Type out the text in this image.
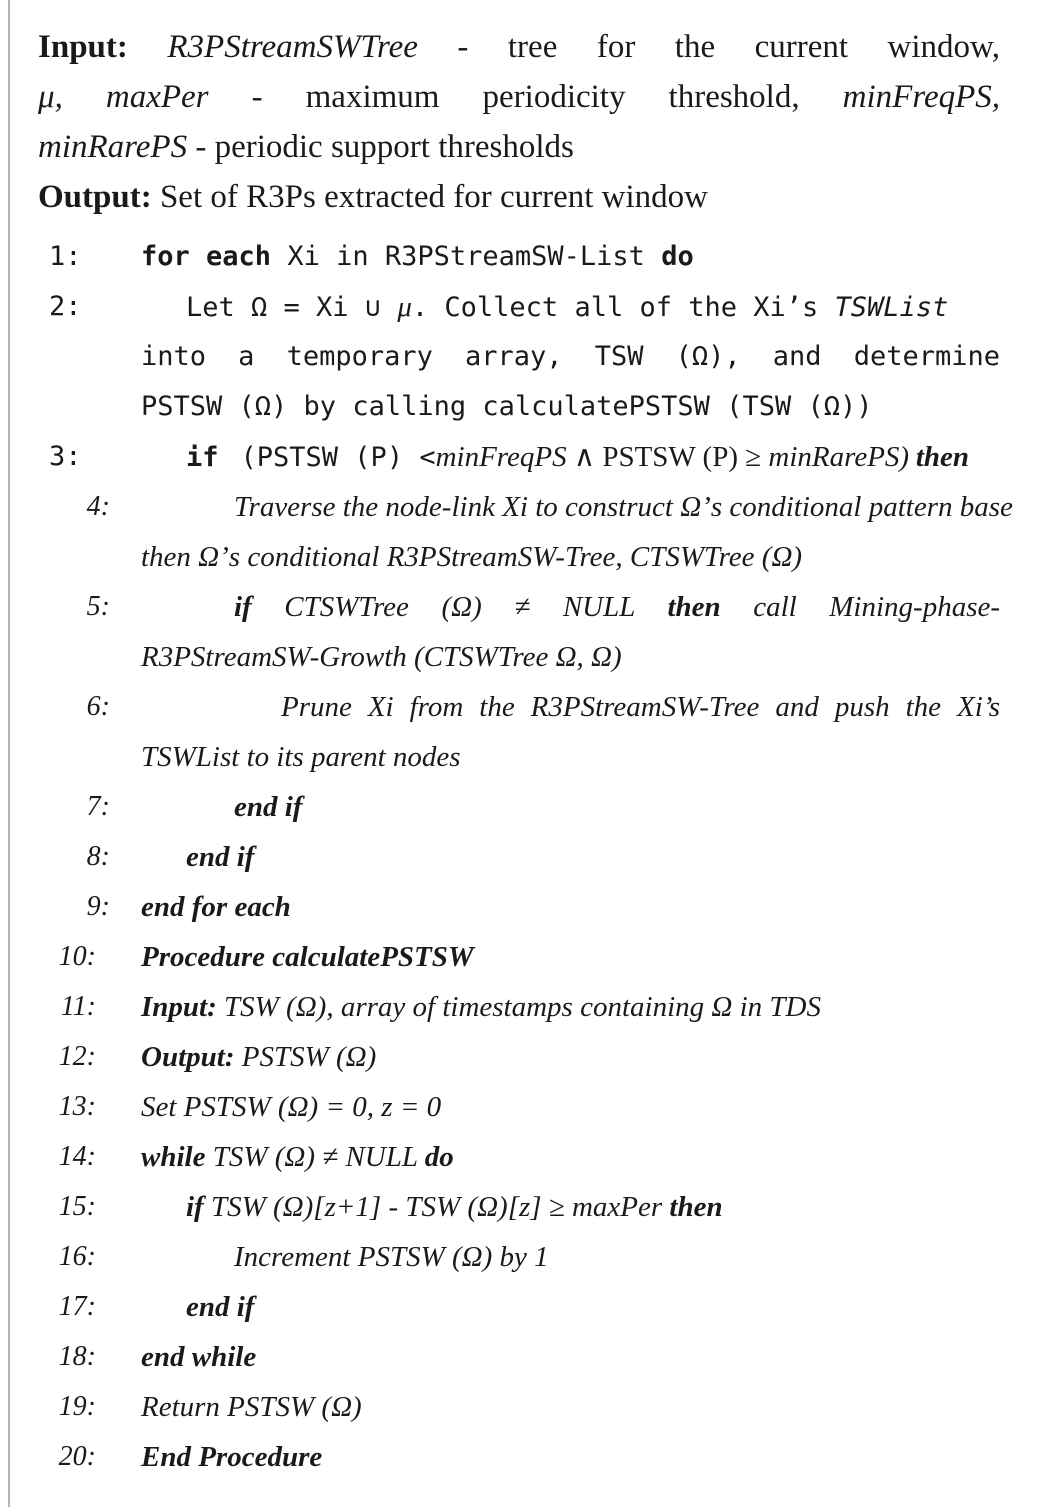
Input: R3PStreamSWTree - tree for the current window,
μ, maxPer - maximum periodicity threshold, minFreqPS,
minRarePS - periodic support thresholds
Output: Set of R3Ps extracted for current window
1:	for each Xi in R3PStreamSW-List do
2:	Let Ω = Xi ∪ μ. Collect all of the Xi’s TSWList
into a temporary array, TSW (Ω), and determine
PSTSW (Ω) by calling calculatePSTSW (TSW (Ω))
3:	if (PSTSW (P) <minFreqPS ∧ PSTSW (P) ≥ minRarePS) then
4:	Traverse the node-link Xi to construct Ω’s conditional pattern base
then Ω’s conditional R3PStreamSW-Tree, CTSWTree (Ω)
5:	if CTSWTree (Ω) ≠ NULL then call Mining-phase-
R3PStreamSW-Growth (CTSWTree Ω, Ω)
6:	Prune Xi from the R3PStreamSW-Tree and push the Xi’s
TSWList to its parent nodes
7:	end if
8:	end if
9: end for each
10: Procedure calculatePSTSW
11: Input: TSW (Ω), array of timestamps containing Ω in TDS
12: Output: PSTSW (Ω)
13: Set PSTSW (Ω) = 0, z = 0
14: while TSW (Ω) ≠ NULL do
15:	if TSW (Ω)[z+1] - TSW (Ω)[z] ≥ maxPer then
16:	Increment PSTSW (Ω) by 1
17:	end if
18: end while
19: Return PSTSW (Ω)
20: End Procedure
